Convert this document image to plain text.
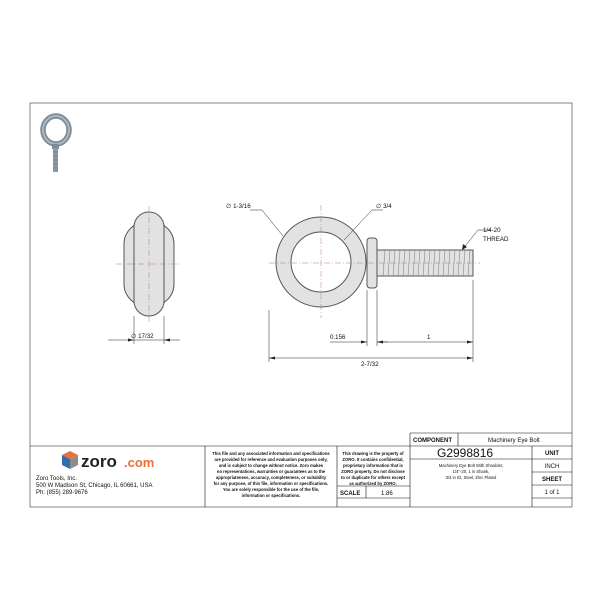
∅ 17/32
∅ 1-3/16	∅ 3/4
1/4-20
THREAD
0.156	1
2-7/32
zoro .com
Zoro Tools, Inc.
500 W Madison St, Chicago, IL 60661, USA
Ph: (855) 289-9676
This file and any associated information and specifications
are provided for reference and evaluation purposes only,
and is subject to change without notice. Zoro makes
no representations, warranties or guarantees as to the
appropriateness, accuracy, completeness, or suitability
for any purpose, of this file, information or specifications.
You are solely responsible for the use of the file,
information or specifications.
This drawing is the property of
ZORO. It contains confidential,
proprietary information that is
ZORO property. Do not disclose
to or duplicate for others except
as authorized by ZORO.
SCALE	1.86
COMPONENT	Machinery Eye Bolt
G2998816
Machinery Eye Bolt With Shoulder,
1/4"-20, 1 in Shank,
3/4 in ID, Steel, Zinc Plated
UNIT
INCH
SHEET
1 of 1
